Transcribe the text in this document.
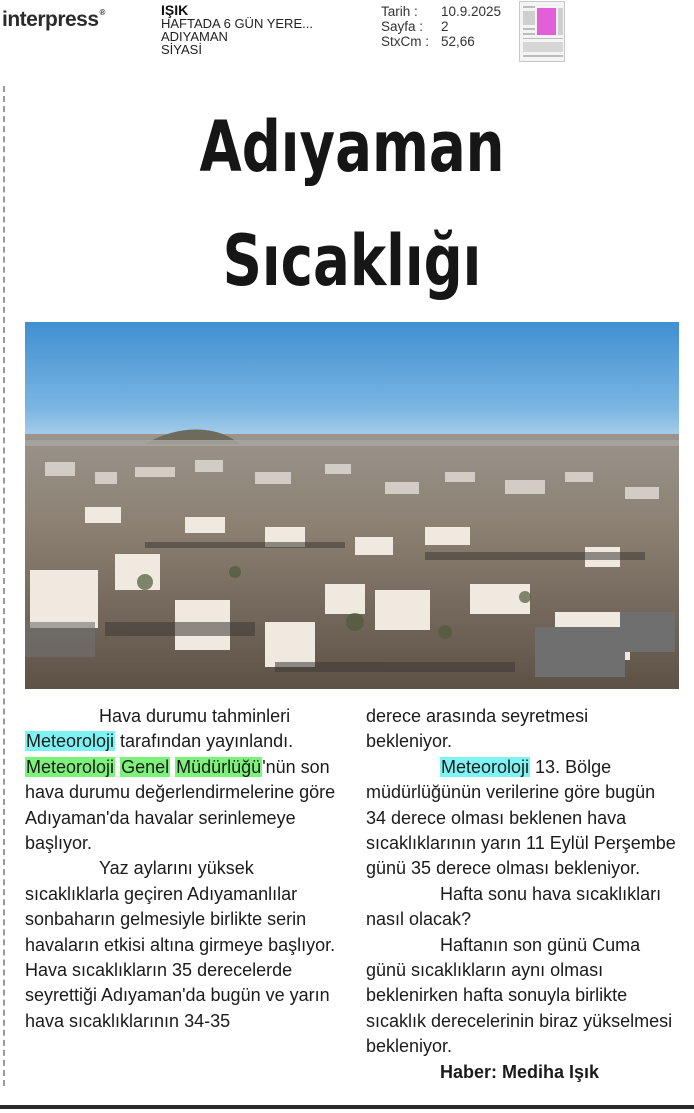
interpress®	IŞIK
HAFTADA 6 GÜN YERE...
ADIYAMAN
SİYASİ
Tarih :	10.9.2025
Sayfa :	2
StxCm : 52,66
Adıyaman Sıcaklığı

Hava durumu tahminleri
Meteoroloji tarafından yayınlandı.
Meteoroloji Genel Müdürlüğü'nün son hava durumu değerlendirmelerine göre Adıyaman'da havalar serinlemeye başlıyor.

Yaz aylarını yüksek sıcaklıklarla geçiren Adıyamanlılar sonbaharın gelmesiyle birlikte serin havaların etkisi altına girmeye başlıyor. Hava sıcaklıkların 35 derecelerde seyrettiği Adıyaman'da bugün ve yarın hava sıcaklıklarının 34-35

derece arasında seyretmesi bekleniyor.

Meteoroloji 13. Bölge müdürlüğünün verilerine göre bugün 34 derece olması beklenen hava sıcaklıklarının yarın 11 Eylül Perşembe günü 35 derece olması bekleniyor.

Hafta sonu hava sıcaklıkları nasıl olacak?

Haftanın son günü Cuma günü sıcaklıkların aynı olması beklenirken hafta sonuyla birlikte sıcaklık derecelerinin biraz yükselmesi bekleniyor.

Haber: Mediha Işık
